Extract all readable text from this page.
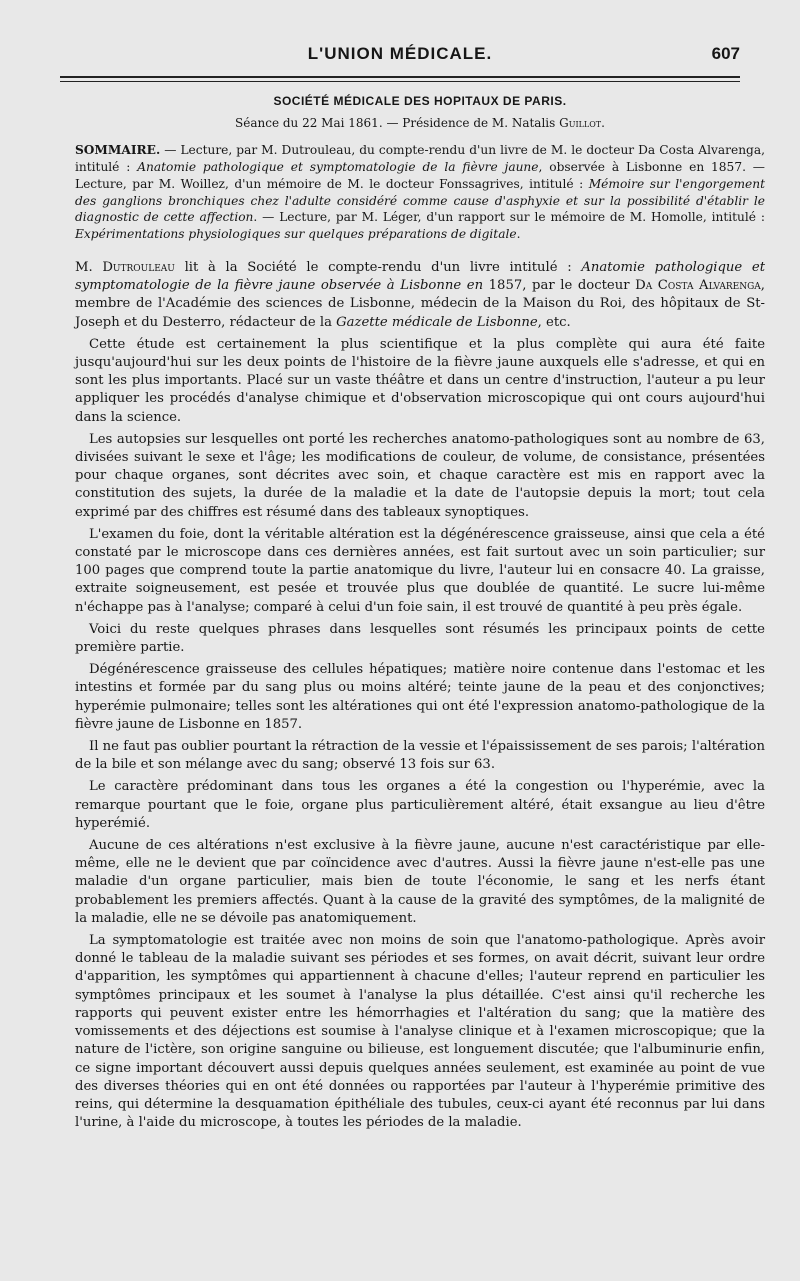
L'UNION MÉDICALE.	607

SOCIÉTÉ MÉDICALE DES HOPITAUX DE PARIS.

Séance du 22 Mai 1861. — Présidence de M. Natalis Guillot.

SOMMAIRE. — Lecture, par M. Dutrouleau, du compte-rendu d'un livre de M. le docteur Da Costa Alvarenga, intitulé : Anatomie pathologique et symptomatologie de la fièvre jaune, observée à Lisbonne en 1857. — Lecture, par M. Woillez, d'un mémoire de M. le docteur Fonssagrives, intitulé : Mémoire sur l'engorgement des ganglions bronchiques chez l'adulte considéré comme cause d'asphyxie et sur la possibilité d'établir le diagnostic de cette affection. — Lecture, par M. Léger, d'un rapport sur le mémoire de M. Homolle, intitulé : Expérimentations physiologiques sur quelques préparations de digitale.

M. Dutrouleau lit à la Société le compte-rendu d'un livre intitulé : Anatomie pathologique et symptomatologie de la fièvre jaune observée à Lisbonne en 1857, par le docteur Da Costa Alvarenga, membre de l'Académie des sciences de Lisbonne, médecin de la Maison du Roi, des hôpitaux de St-Joseph et du Desterro, rédacteur de la Gazette médicale de Lisbonne, etc.

Cette étude est certainement la plus scientifique et la plus complète qui aura été faite jusqu'aujourd'hui sur les deux points de l'histoire de la fièvre jaune auxquels elle s'adresse, et qui en sont les plus importants. Placé sur un vaste théâtre et dans un centre d'instruction, l'auteur a pu leur appliquer les procédés d'analyse chimique et d'observation microscopique qui ont cours aujourd'hui dans la science.

Les autopsies sur lesquelles ont porté les recherches anatomo-pathologiques sont au nombre de 63, divisées suivant le sexe et l'âge; les modifications de couleur, de volume, de consistance, présentées pour chaque organes, sont décrites avec soin, et chaque caractère est mis en rapport avec la constitution des sujets, la durée de la maladie et la date de l'autopsie depuis la mort; tout cela exprimé par des chiffres est résumé dans des tableaux synoptiques.

L'examen du foie, dont la véritable altération est la dégénérescence graisseuse, ainsi que cela a été constaté par le microscope dans ces dernières années, est fait surtout avec un soin particulier; sur 100 pages que comprend toute la partie anatomique du livre, l'auteur lui en consacre 40. La graisse, extraite soigneusement, est pesée et trouvée plus que doublée de quantité. Le sucre lui-même n'échappe pas à l'analyse; comparé à celui d'un foie sain, il est trouvé de quantité à peu près égale.

Voici du reste quelques phrases dans lesquelles sont résumés les principaux points de cette première partie.

Dégénérescence graisseuse des cellules hépatiques; matière noire contenue dans l'estomac et les intestins et formée par du sang plus ou moins altéré; teinte jaune de la peau et des conjonctives; hyperémie pulmonaire; telles sont les altérationes qui ont été l'expression anatomo-pathologique de la fièvre jaune de Lisbonne en 1857.

Il ne faut pas oublier pourtant la rétraction de la vessie et l'épaississement de ses parois; l'altération de la bile et son mélange avec du sang; observé 13 fois sur 63.

Le caractère prédominant dans tous les organes a été la congestion ou l'hyperémie, avec la remarque pourtant que le foie, organe plus particulièrement altéré, était exsangue au lieu d'être hyperémié.

Aucune de ces altérations n'est exclusive à la fièvre jaune, aucune n'est caractéristique par elle-même, elle ne le devient que par coïncidence avec d'autres. Aussi la fièvre jaune n'est-elle pas une maladie d'un organe particulier, mais bien de toute l'économie, le sang et les nerfs étant probablement les premiers affectés. Quant à la cause de la gravité des symptômes, de la malignité de la maladie, elle ne se dévoile pas anatomiquement.

La symptomatologie est traitée avec non moins de soin que l'anatomo-pathologique. Après avoir donné le tableau de la maladie suivant ses périodes et ses formes, on avait décrit, suivant leur ordre d'apparition, les symptômes qui appartiennent à chacune d'elles; l'auteur reprend en particulier les symptômes principaux et les soumet à l'analyse la plus détaillée. C'est ainsi qu'il recherche les rapports qui peuvent exister entre les hémorrhagies et l'altération du sang; que la matière des vomissements et des déjections est soumise à l'analyse clinique et à l'examen microscopique; que la nature de l'ictère, son origine sanguine ou bilieuse, est longuement discutée; que l'albuminurie enfin, ce signe important découvert aussi depuis quelques années seulement, est examinée au point de vue des diverses théories qui en ont été données ou rapportées par l'auteur à l'hyperémie primitive des reins, qui détermine la desquamation épithéliale des tubules, ceux-ci ayant été reconnus par lui dans l'urine, à l'aide du microscope, à toutes les périodes de la maladie.
